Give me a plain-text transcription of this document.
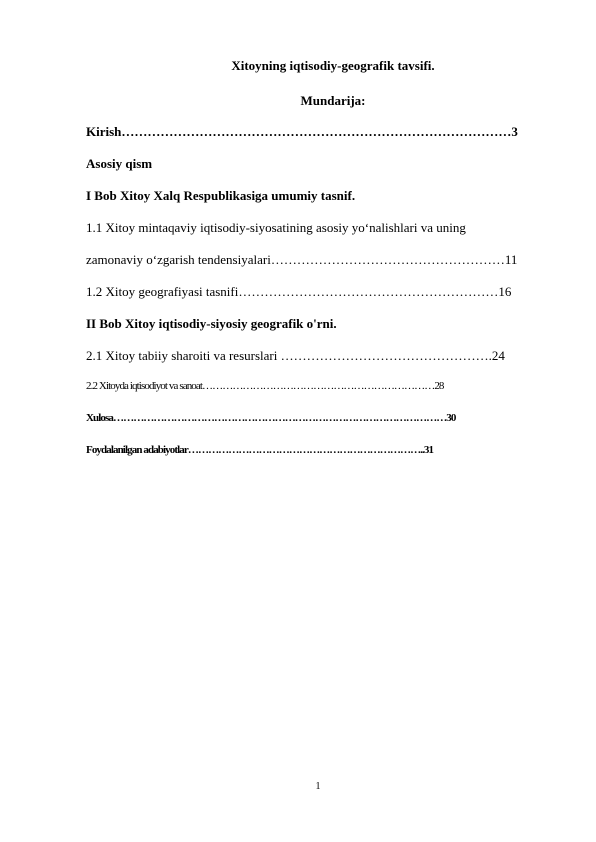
Xitoyning iqtisodiy-geografik tavsifi.
Mundarija:
Kirish………………………………………………………………………………3
Asosiy qism
I Bob Xitoy Xalq Respublikasiga umumiy tasnif.
1.1 Xitoy mintaqaviy iqtisodiy-siyosatining asosiy yo‘nalishlari va uning
zamonaviy o‘zgarish tendensiyalari………………………………………………11
1.2 Xitoy geografiyasi tasnifi……………………………………………………16
II Bob Xitoy iqtisodiy-siyosiy geografik o'rni.
2.1 Xitoy tabiiy sharoiti va resurslari ………………………………………….24
2.2 Xitoyda iqtisodiyot va sanoat……………………………………………………………28
Xulosa………………………………………………………………………………………30
Foydalanilgan adabiyotlar……………………………………………………………..31
1
